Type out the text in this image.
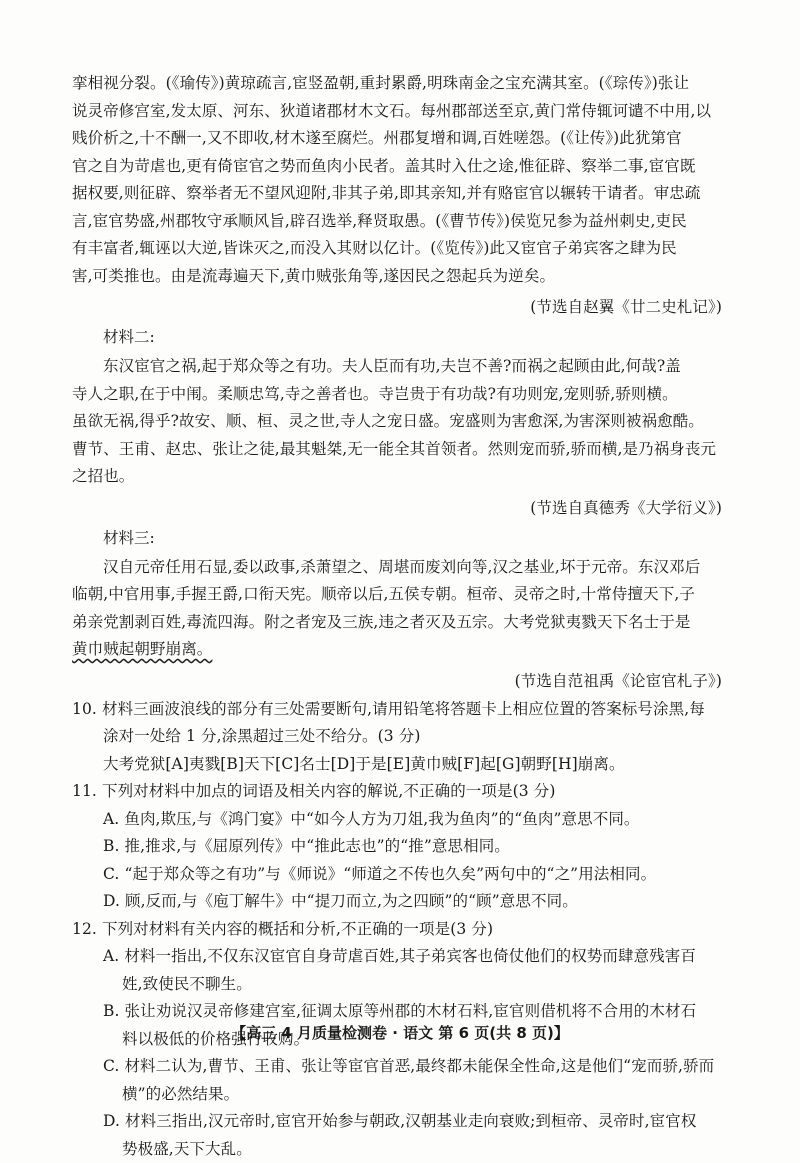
挛相视分裂。(《瑜传》)黄琼疏言,宦竖盈朝,重封累爵,明珠南金之宝充满其室。(《琮传》)张让
说灵帝修宫室,发太原、河东、狄道诸郡材木文石。每州郡部送至京,黄门常侍辄诃谴不中用,以
贱价析之,十不酬一,又不即收,材木遂至腐烂。州郡复增和调,百姓嗟怨。(《让传》)此犹第官
官之自为苛虐也,更有倚宦官之势而鱼肉小民者。盖其时入仕之途,惟征辟、察举二事,宦官既
据权要,则征辟、察举者无不望风迎附,非其子弟,即其亲知,并有赂宦官以辗转干请者。审忠疏
言,宦官势盛,州郡牧守承顺风旨,辟召选举,释贤取愚。(《曹节传》)侯览兄参为益州刺史,吏民
有丰富者,辄诬以大逆,皆诛灭之,而没入其财以亿计。(《览传》)此又宦官子弟宾客之肆为民
害,可类推也。由是流毒遍天下,黄巾贼张角等,遂因民之怨起兵为逆矣。
(节选自赵翼《廿二史札记》)
材料二:
东汉宦官之祸,起于郑众等之有功。夫人臣而有功,夫岂不善?而祸之起顾由此,何哉?盖
寺人之职,在于中闱。柔顺忠笃,寺之善者也。寺岂贵于有功哉?有功则宠,宠则骄,骄则横。
虽欲无祸,得乎?故安、顺、桓、灵之世,寺人之宠日盛。宠盛则为害愈深,为害深则被祸愈酷。
曹节、王甫、赵忠、张让之徒,最其魁桀,无一能全其首领者。然则宠而骄,骄而横,是乃祸身丧元
之招也。
(节选自真德秀《大学衍义》)
材料三:
汉自元帝任用石显,委以政事,杀萧望之、周堪而废刘向等,汉之基业,坏于元帝。东汉邓后
临朝,中官用事,手握王爵,口衔天宪。顺帝以后,五侯专朝。桓帝、灵帝之时,十常侍擅天下,子
弟亲党割剥百姓,毒流四海。附之者宠及三族,违之者灭及五宗。大考党狱夷戮天下名士于是
黄巾贼起朝野崩离。
(节选自范祖禹《论宦官札子》)
10. 材料三画波浪线的部分有三处需要断句,请用铅笔将答题卡上相应位置的答案标号涂黑,每
涂对一处给 1 分,涂黑超过三处不给分。(3 分)
大考党狱[A]夷戮[B]天下[C]名士[D]于是[E]黄巾贼[F]起[G]朝野[H]崩离。
11. 下列对材料中加点的词语及相关内容的解说,不正确的一项是(3 分)
A. 鱼肉,欺压,与《鸿门宴》中“如今人方为刀俎,我为鱼肉”的“鱼肉”意思不同。
B. 推,推求,与《屈原列传》中“推此志也”的“推”意思相同。
C. “起于郑众等之有功”与《师说》“师道之不传也久矣”两句中的“之”用法相同。
D. 顾,反而,与《庖丁解牛》中“提刀而立,为之四顾”的“顾”意思不同。
12. 下列对材料有关内容的概括和分析,不正确的一项是(3 分)
A. 材料一指出,不仅东汉宦官自身苛虐百姓,其子弟宾客也倚仗他们的权势而肆意残害百
姓,致使民不聊生。
B. 张让劝说汉灵帝修建宫室,征调太原等州郡的木材石料,宦官则借机将不合用的木材石
料以极低的价格强行收购。
C. 材料二认为,曹节、王甫、张让等宦官首恶,最终都未能保全性命,这是他们“宠而骄,骄而
横”的必然结果。
D. 材料三指出,汉元帝时,宦官开始参与朝政,汉朝基业走向衰败;到桓帝、灵帝时,宦官权
势极盛,天下大乱。
【高三 4 月质量检测卷 · 语文 第 6 页(共 8 页)】
